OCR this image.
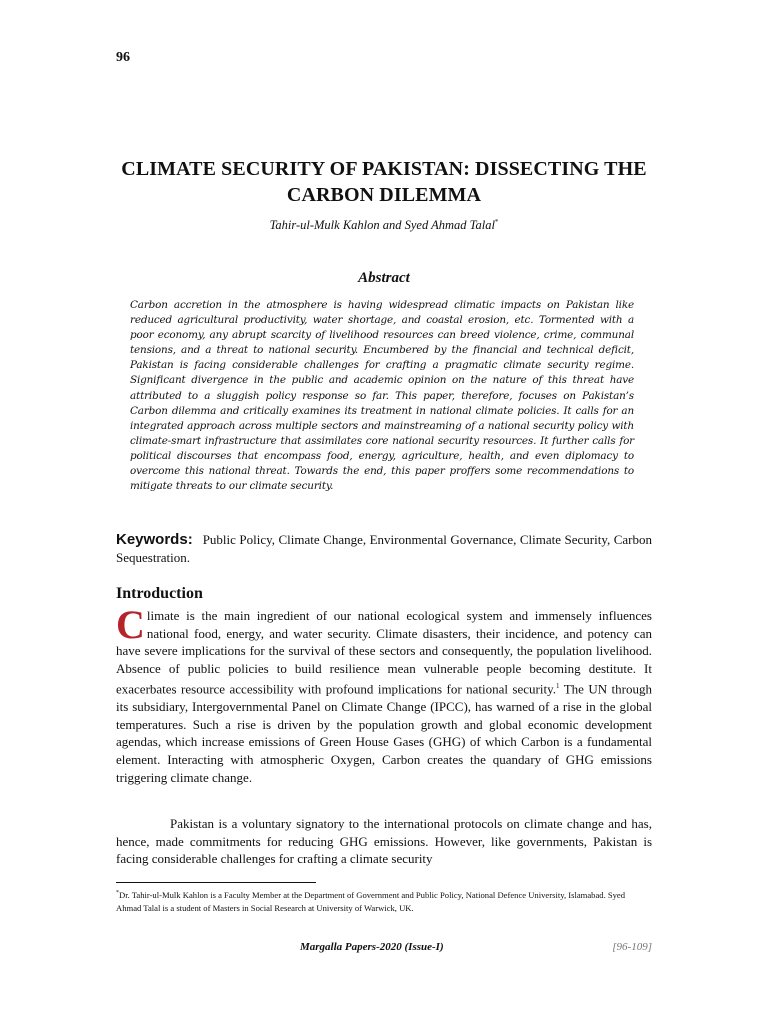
96
CLIMATE SECURITY OF PAKISTAN: DISSECTING THE
CARBON DILEMMA
Tahir-ul-Mulk Kahlon and Syed Ahmad Talal*
Abstract
Carbon accretion in the atmosphere is having widespread climatic impacts on Pakistan like reduced agricultural productivity, water shortage, and coastal erosion, etc. Tormented with a poor economy, any abrupt scarcity of livelihood resources can breed violence, crime, communal tensions, and a threat to national security. Encumbered by the financial and technical deficit, Pakistan is facing considerable challenges for crafting a pragmatic climate security regime. Significant divergence in the public and academic opinion on the nature of this threat have attributed to a sluggish policy response so far. This paper, therefore, focuses on Pakistan’s Carbon dilemma and critically examines its treatment in national climate policies. It calls for an integrated approach across multiple sectors and mainstreaming of a national security policy with climate-smart infrastructure that assimilates core national security resources. It further calls for political discourses that encompass food, energy, agriculture, health, and even diplomacy to overcome this national threat. Towards the end, this paper proffers some recommendations to mitigate threats to our climate security.
Keywords: Public Policy, Climate Change, Environmental Governance, Climate Security, Carbon Sequestration.
Introduction
Climate is the main ingredient of our national ecological system and immensely influences national food, energy, and water security. Climate disasters, their incidence, and potency can have severe implications for the survival of these sectors and consequently, the population livelihood. Absence of public policies to build resilience mean vulnerable people becoming destitute. It exacerbates resource accessibility with profound implications for national security.$^1$ The UN through its subsidiary, Intergovernmental Panel on Climate Change (IPCC), has warned of a rise in the global temperatures. Such a rise is driven by the population growth and global economic development agendas, which increase emissions of Green House Gases (GHG) of which Carbon is a fundamental element. Interacting with atmospheric Oxygen, Carbon creates the quandary of GHG emissions triggering climate change.
Pakistan is a voluntary signatory to the international protocols on climate change and has, hence, made commitments for reducing GHG emissions. However, like governments, Pakistan is facing considerable challenges for crafting a climate security
*Dr. Tahir-ul-Mulk Kahlon is a Faculty Member at the Department of Government and Public Policy, National Defence University, Islamabad. Syed Ahmad Talal is a student of Masters in Social Research at University of Warwick, UK.
Margalla Papers-2020 (Issue-I)	[96-109]
